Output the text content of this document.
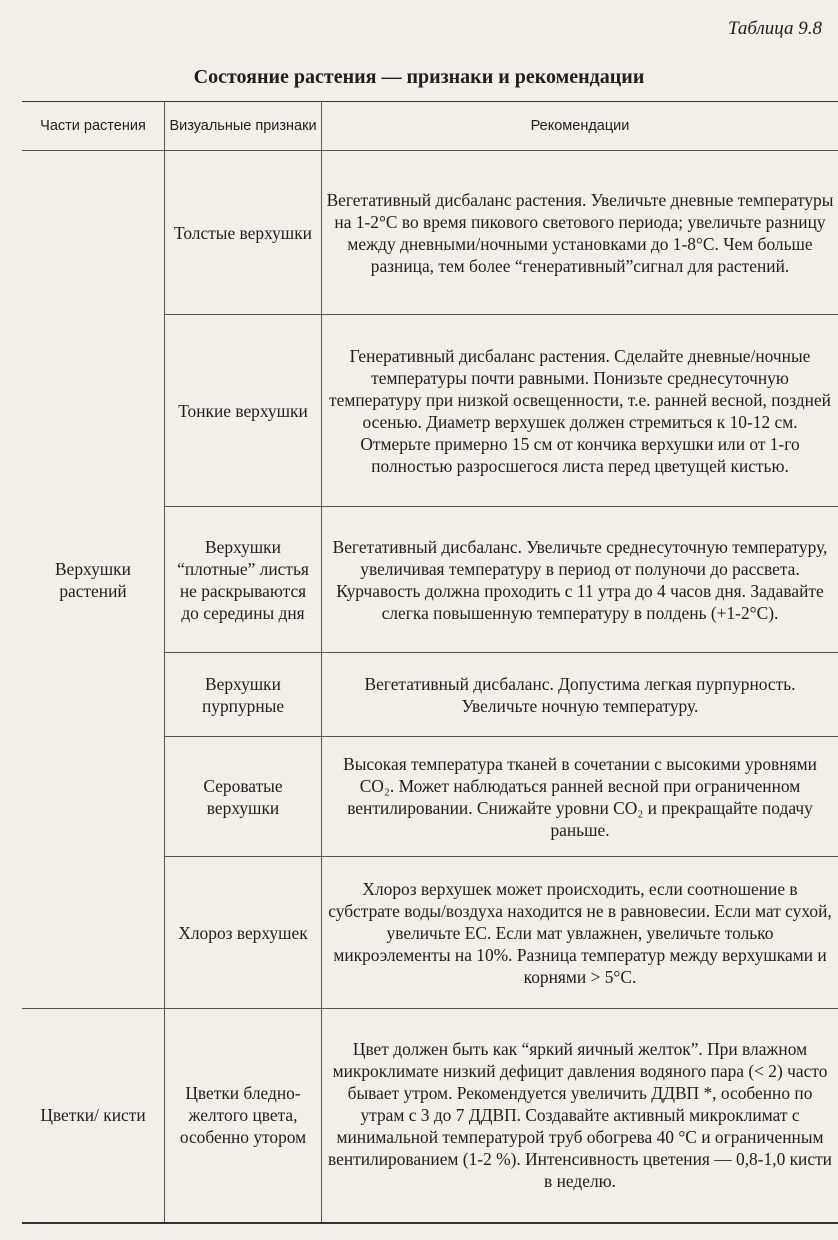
Таблица 9.8
Состояние растения — признаки и рекомендации
Части растения	Визуальные признаки	Рекомендации
Верхушки растений	Толстые верхушки	Вегетативный дисбаланс растения. Увеличьте дневные температуры на 1-2°С во время пикового светового периода; увеличьте разницу между дневными/ночными установками до 1-8°С. Чем больше разница, тем более “генеративный”сигнал для растений.
	Тонкие верхушки	Генеративный дисбаланс растения. Сделайте дневные/ночные температуры почти равными. Понизьте среднесуточную температуру при низкой освещенности, т.е. ранней весной, поздней осенью. Диаметр верхушек должен стремиться к 10-12 см. Отмерьте примерно 15 см от кончика верхушки или от 1-го полностью разросшегося листа перед цветущей кистью.
	Верхушки “плотные” листья не раскрываются до середины дня	Вегетативный дисбаланс. Увеличьте среднесуточную температуру, увеличивая температуру в период от полуночи до рассвета. Курчавость должна проходить с 11 утра до 4 часов дня. Задавайте слегка повышенную температуру в полдень (+1-2°С).
	Верхушки пурпурные	Вегетативный дисбаланс. Допустима легкая пурпурность. Увеличьте ночную температуру.
	Сероватые верхушки	Высокая температура тканей в сочетании с высокими уровнями СО₂. Может наблюдаться ранней весной при ограниченном вентилировании. Снижайте уровни СО₂ и прекращайте подачу раньше.
	Хлороз верхушек	Хлороз верхушек может происходить, если соотношение в субстрате воды/воздуха находится не в равновесии. Если мат сухой, увеличьте ЕС. Если мат увлажнен, увеличьте только микроэлементы на 10%. Разница температур между верхушками и корнями > 5°С.
Цветки/ кисти	Цветки бледно-желтого цвета, особенно утором	Цвет должен быть как “яркий яичный желток”. При влажном микроклимате низкий дефицит давления водяного пара (< 2) часто бывает утром. Рекомендуется увеличить ДДВП *, особенно по утрам с 3 до 7 ДДВП. Создавайте активный микроклимат с минимальной температурой труб обогрева 40 °С и ограниченным вентилированием (1-2 %). Интенсивность цветения — 0,8-1,0 кисти в неделю.
